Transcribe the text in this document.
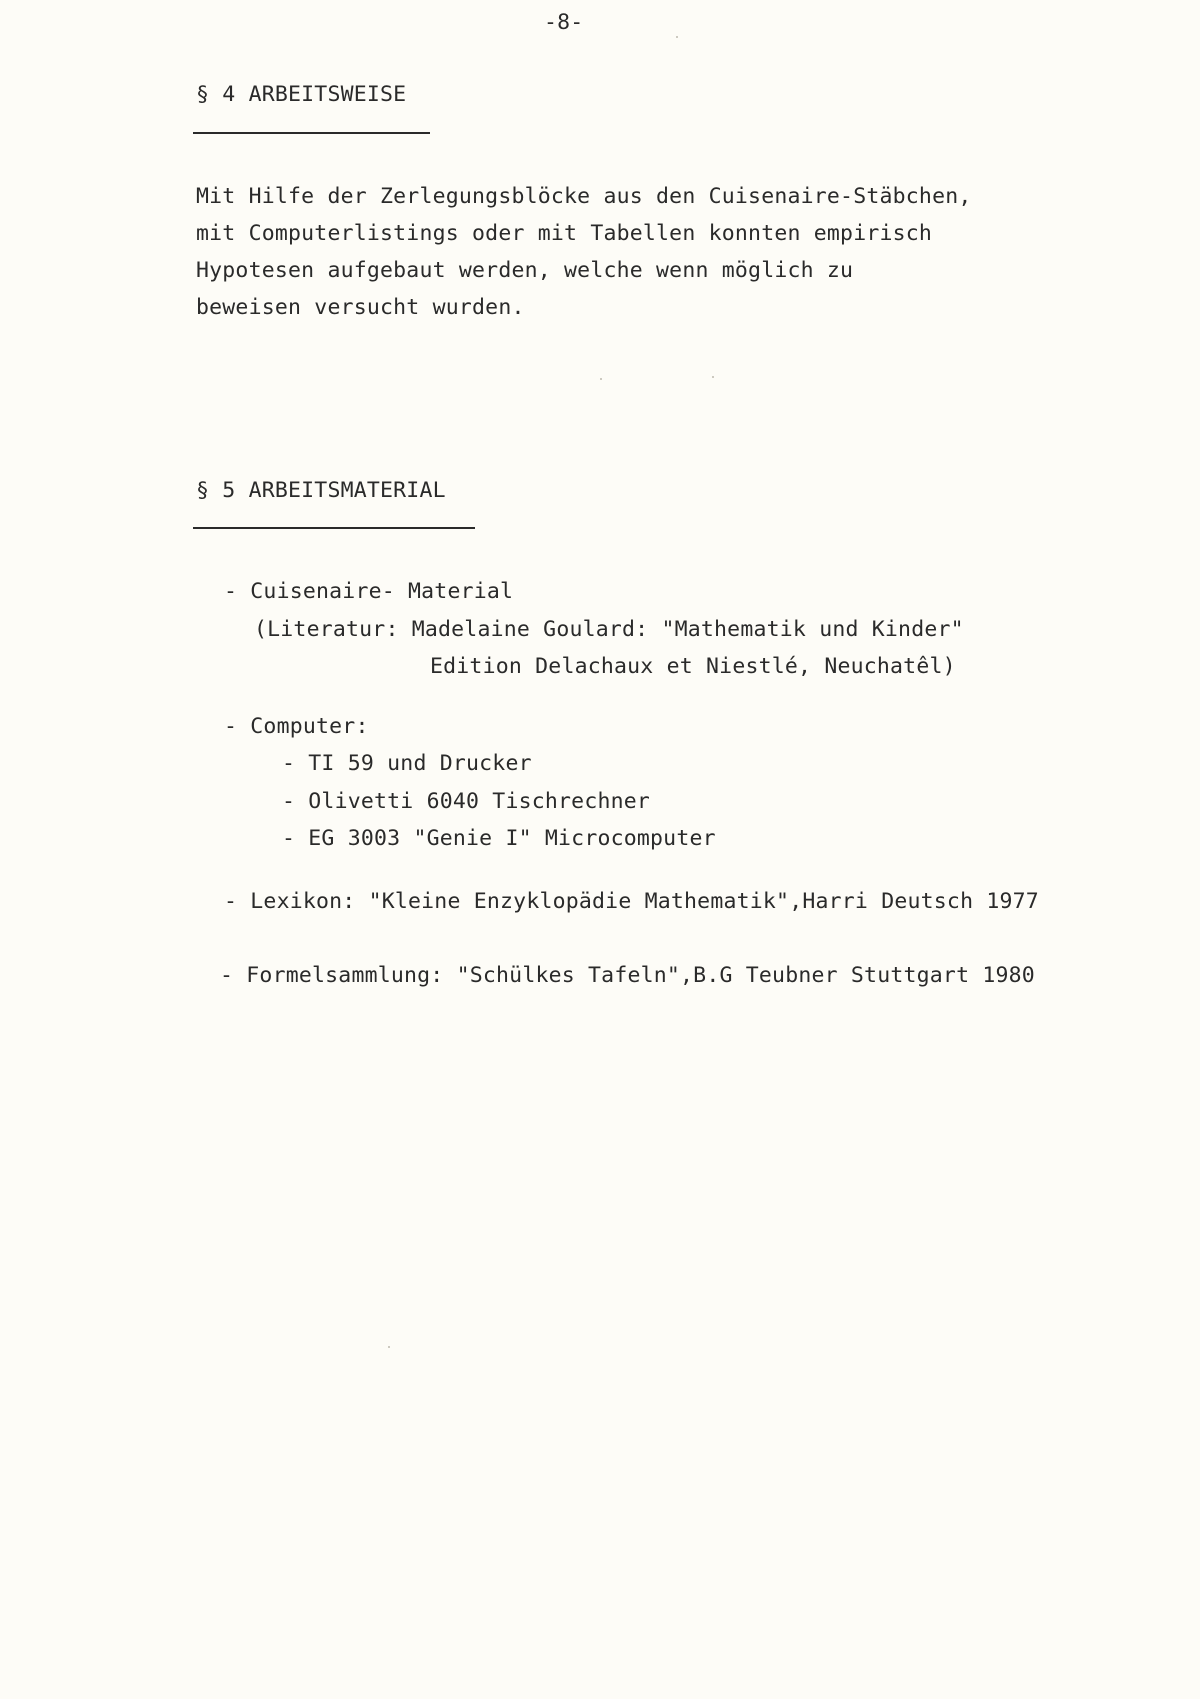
-8-
§ 4 ARBEITSWEISE
Mit Hilfe der Zerlegungsblöcke aus den Cuisenaire-Stäbchen,
mit Computerlistings oder mit Tabellen konnten empirisch
Hypotesen aufgebaut werden, welche wenn möglich zu
beweisen versucht wurden.
§ 5 ARBEITSMATERIAL
- Cuisenaire- Material
(Literatur: Madelaine Goulard: "Mathematik und Kinder"
Edition Delachaux et Niestlé, Neuchatêl)
- Computer:
- TI 59 und Drucker
- Olivetti 6040 Tischrechner
- EG 3003 "Genie I" Microcomputer
- Lexikon: "Kleine Enzyklopädie Mathematik",Harri Deutsch 1977
- Formelsammlung: "Schülkes Tafeln",B.G Teubner Stuttgart 1980
